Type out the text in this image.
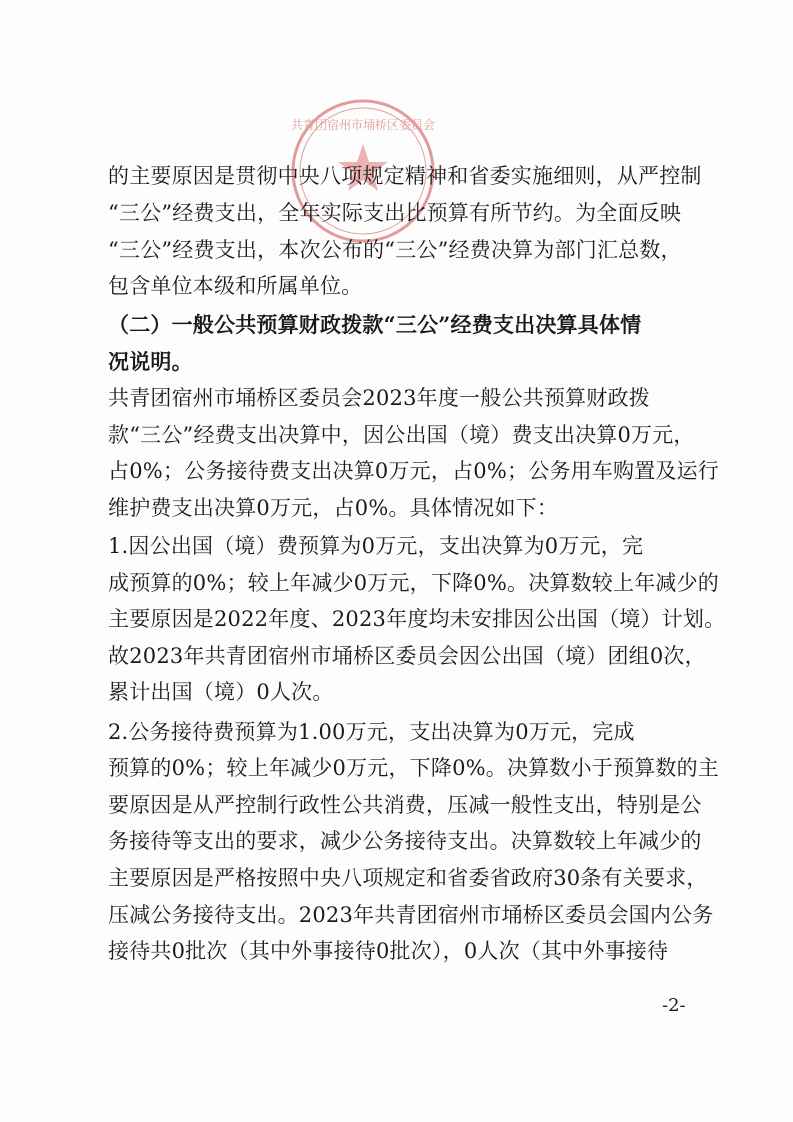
共青团宿州市埇桥区委员会
的主要原因是贯彻中央八项规定精神和省委实施细则，从严控制
“三公”经费支出，全年实际支出比预算有所节约。为全面反映
“三公”经费支出，本次公布的“三公”经费决算为部门汇总数，
包含单位本级和所属单位。
（二）一般公共预算财政拨款“三公”经费支出决算具体情
况说明。
共青团宿州市埇桥区委员会2023年度一般公共预算财政拨
款“三公”经费支出决算中，因公出国（境）费支出决算0万元，
占0%；公务接待费支出决算0万元，占0%；公务用车购置及运行
维护费支出决算0万元，占0%。具体情况如下：
1.因公出国（境）费预算为0万元，支出决算为0万元，完
成预算的0%；较上年减少0万元，下降0%。决算数较上年减少的
主要原因是2022年度、2023年度均未安排因公出国（境）计划。
故2023年共青团宿州市埇桥区委员会因公出国（境）团组0次，
累计出国（境）0人次。
2.公务接待费预算为1.00万元，支出决算为0万元，完成
预算的0%；较上年减少0万元，下降0%。决算数小于预算数的主
要原因是从严控制行政性公共消费，压减一般性支出，特别是公
务接待等支出的要求，减少公务接待支出。决算数较上年减少的
主要原因是严格按照中央八项规定和省委省政府30条有关要求，
压减公务接待支出。2023年共青团宿州市埇桥区委员会国内公务
接待共0批次（其中外事接待0批次），0人次（其中外事接待
-2-
